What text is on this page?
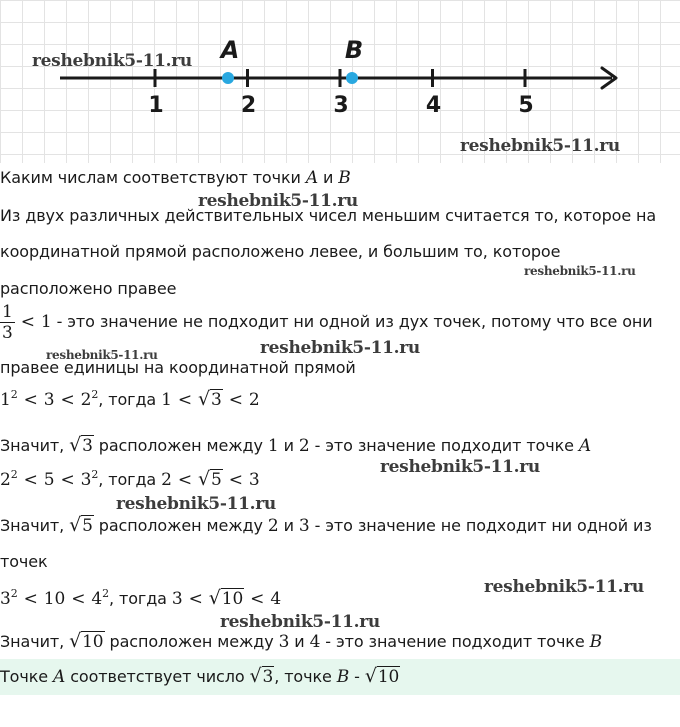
1	2	3	4	5
A	B
reshebnik5-11.ru
reshebnik5-11.ru
Каким числам соответствуют точки A и B
reshebnik5-11.ru
Из двух различных действительных чисел меньшим считается то, которое на
координатной прямой расположено левее, и большим то, которое
reshebnik5-11.ru
расположено правее
$\frac{1}{3} < 1$ - это значение не подходит ни одной из дух точек, потому что все они
reshebnik5-11.ru
reshebnik5-11.ru
правее единицы на координатной прямой
$1^2 < 3 < 2^2$, тогда 1 < √3 < 2
Значит, √3 расположен между 1 и 2 - это значение подходит точке A
reshebnik5-11.ru
$2^2 < 5 < 3^2$, тогда 2 < √5 < 3
reshebnik5-11.ru
Значит, √5 расположен между 2 и 3 - это значение не подходит ни одной из
точек
reshebnik5-11.ru
$3^2 < 10 < 4^2$, тогда 3 < √10 < 4
reshebnik5-11.ru
Значит, √10 расположен между 3 и 4 - это значение подходит точке B
Точке A соответствует число √3, точке B - √10
